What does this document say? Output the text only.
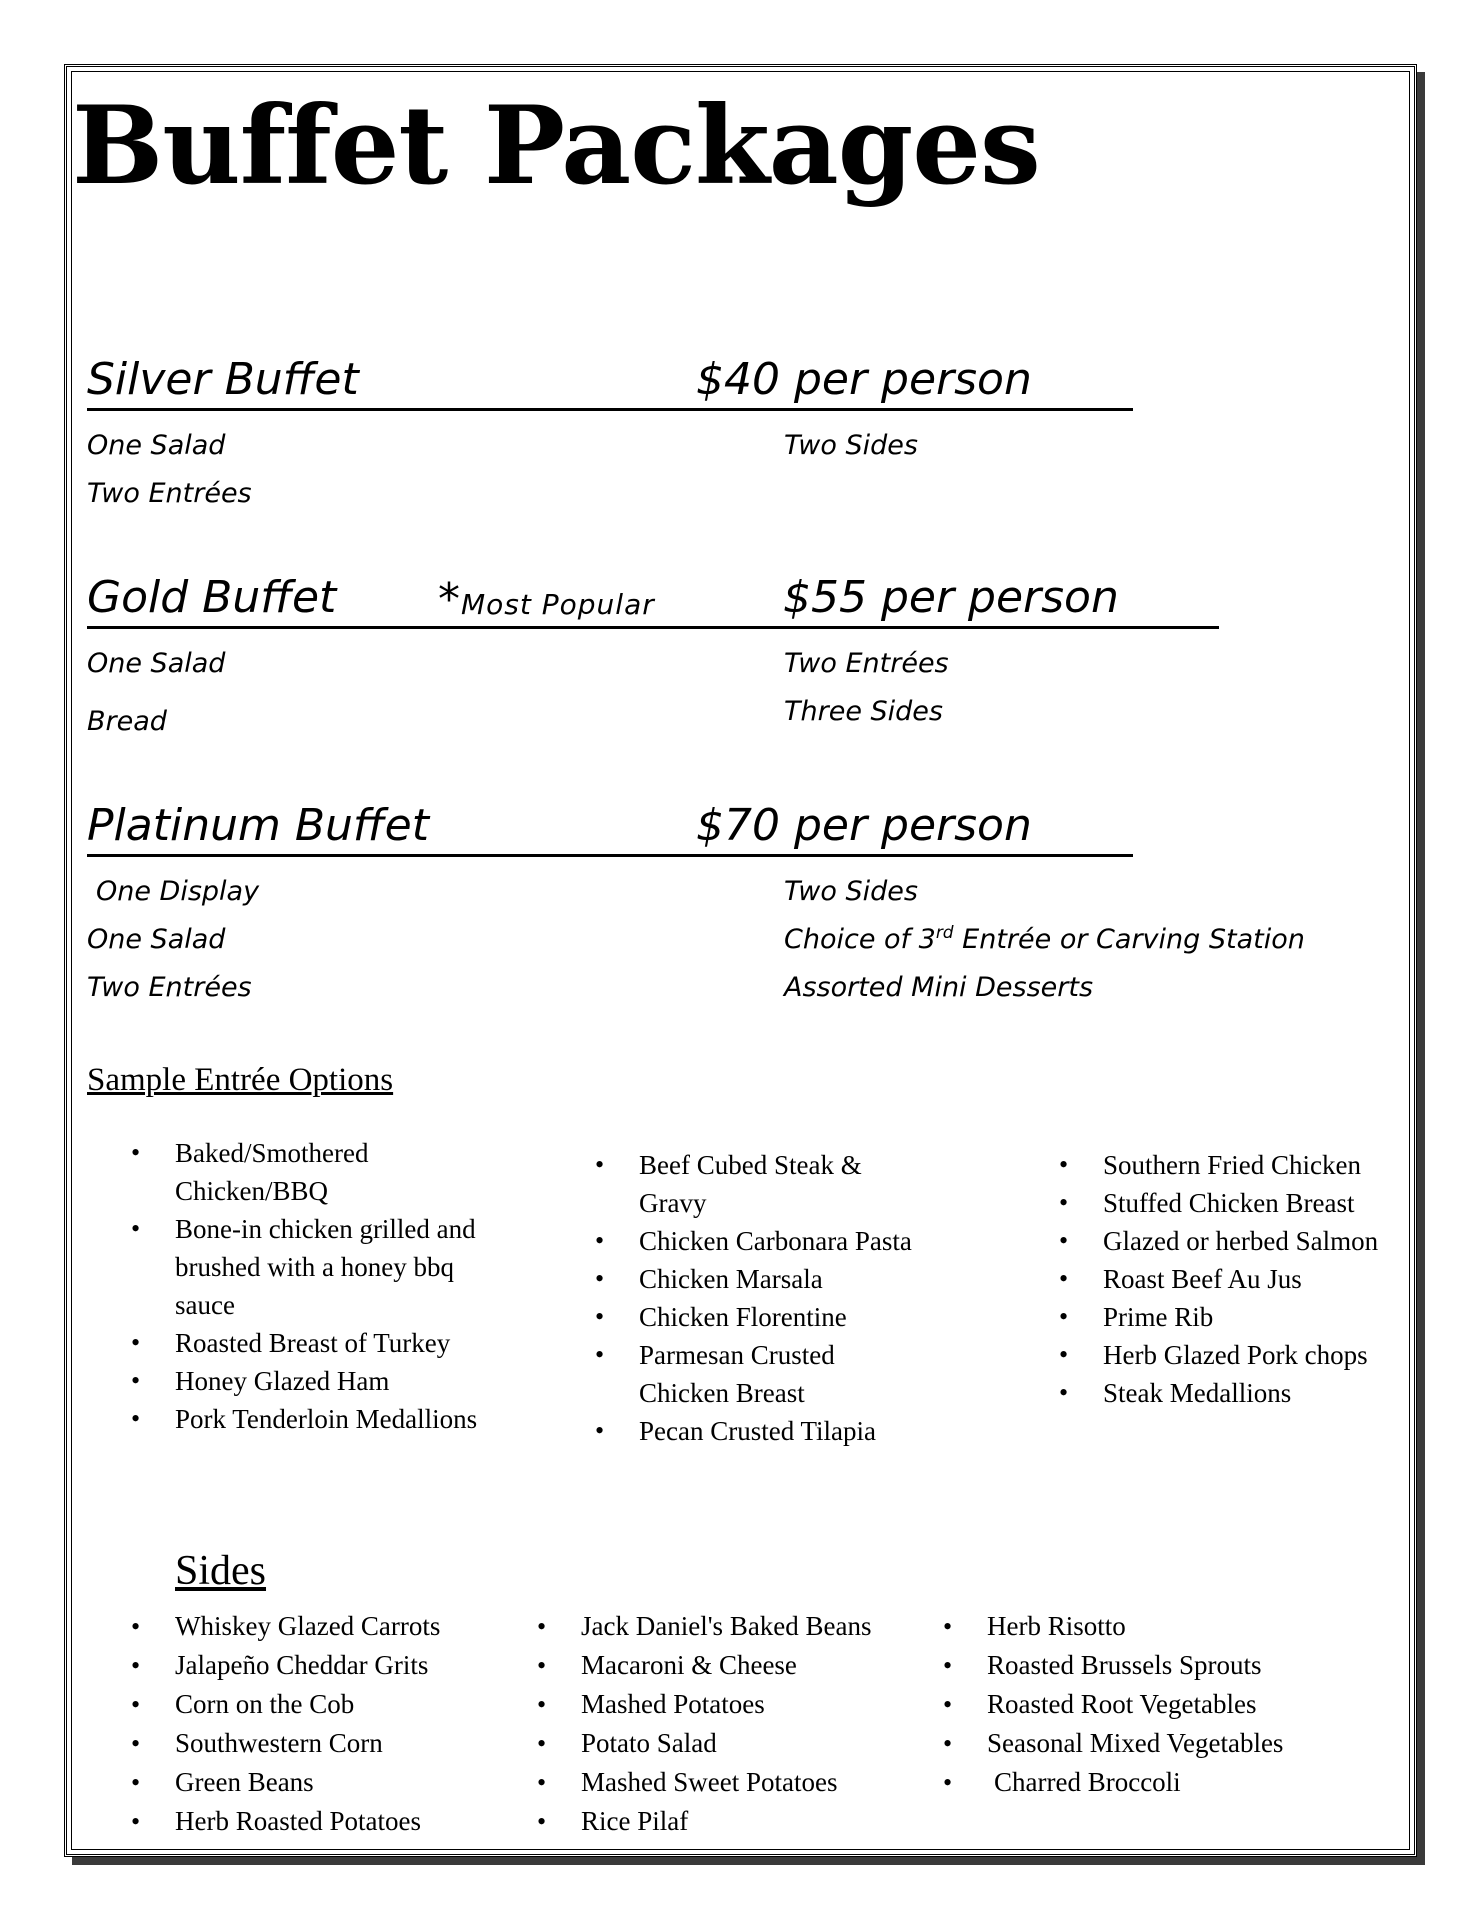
Buffet Packages
Silver Buffet	$40 per person
One Salad
Two Entrées
Two Sides
Gold Buffet *Most Popular	$55 per person
One Salad
Bread
Two Entrées
Three Sides
Platinum Buffet	$70 per person
One Display
One Salad
Two Entrées
Two Sides
Choice of 3rd Entrée or Carving Station
Assorted Mini Desserts
Sample Entrée Options
• Baked/Smothered Chicken/BBQ
• Bone-in chicken grilled and brushed with a honey bbq sauce
• Roasted Breast of Turkey
• Honey Glazed Ham
• Pork Tenderloin Medallions
• Beef Cubed Steak & Gravy
• Chicken Carbonara Pasta
• Chicken Marsala
• Chicken Florentine
• Parmesan Crusted Chicken Breast
• Pecan Crusted Tilapia
• Southern Fried Chicken
• Stuffed Chicken Breast
• Glazed or herbed Salmon
• Roast Beef Au Jus
• Prime Rib
• Herb Glazed Pork chops
• Steak Medallions
Sides
• Whiskey Glazed Carrots
• Jalapeño Cheddar Grits
• Corn on the Cob
• Southwestern Corn
• Green Beans
• Herb Roasted Potatoes
• Jack Daniel's Baked Beans
• Macaroni & Cheese
• Mashed Potatoes
• Potato Salad
• Mashed Sweet Potatoes
• Rice Pilaf
• Herb Risotto
• Roasted Brussels Sprouts
• Roasted Root Vegetables
• Seasonal Mixed Vegetables
• Charred Broccoli
